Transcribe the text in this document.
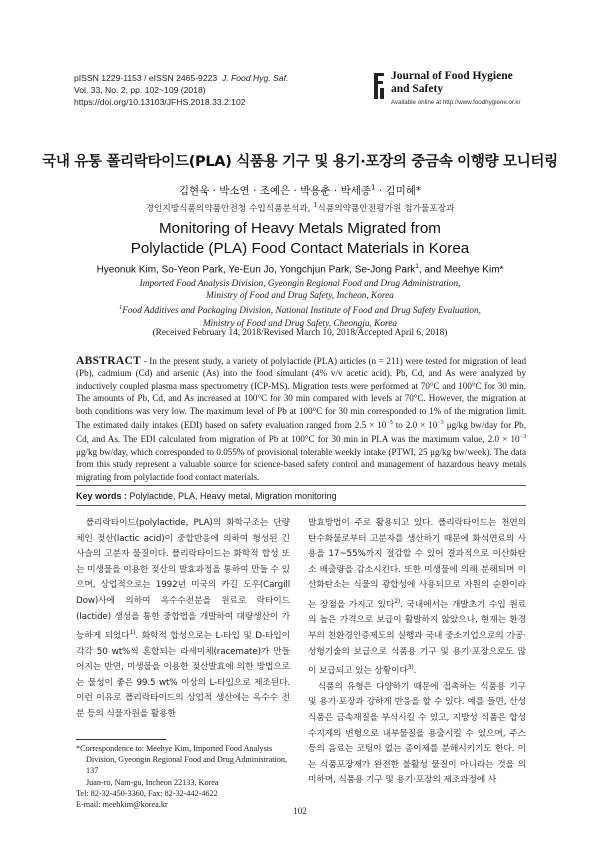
pISSN 1229-1153 / eISSN 2465-9223 J. Food Hyg. Saf.
Vol. 33, No. 2, pp. 102~109 (2018)
https://doi.org/10.13103/JFHS.2018.33.2.102
Journal of Food Hygiene
and Safety
Available online at http://www.foodhygiene.or.kr
국내 유통 폴리락타이드(PLA) 식품용 기구 및 용기·포장의 중금속 이행량 모니터링
김현욱 · 박소연 · 조예은 · 박용춘 · 박세종$^1$ · 김미혜*
경인지방식품의약품안전청 수입식품분석과, $^1$식품의약품안전평가원 첨가물포장과
Monitoring of Heavy Metals Migrated from
Polylactide (PLA) Food Contact Materials in Korea
Hyeonuk Kim, So-Yeon Park, Ye-Eun Jo, Yongchjun Park, Se-Jong Park$^1$, and Meehye Kim*
Imported Food Analysis Division, Gyeongin Regional Food and Drug Administration,
Ministry of Food and Drug Safety, Incheon, Korea
$^1$Food Additives and Packaging Division, National Institute of Food and Drug Safety Evaluation,
Ministry of Food and Drug Safety, Cheongju, Korea
(Received February 14, 2018/Revised March 10, 2018/Accepted April 6, 2018)
ABSTRACT - In the present study, a variety of polylactide (PLA) articles (n = 211) were tested for migration of lead (Pb), cadmium (Cd) and arsenic (As) into the food simulant (4% v/v acetic acid). Pb, Cd, and As were analyzed by inductively coupled plasma mass spectrometry (ICP-MS). Migration tests were performed at 70°C and 100°C for 30 min. The amounts of Pb, Cd, and As increased at 100°C for 30 min compared with levels at 70°C. However, the migration at both conditions was very low. The maximum level of Pb at 100°C for 30 min corresponded to 1% of the migration limit. The estimated daily intakes (EDI) based on safety evaluation ranged from $2.5 \times 10^{-5}$ to $2.0 \times 10^{-3}$ μg/kg bw/day for Pb, Cd, and As. The EDI calculated from migration of Pb at 100°C for 30 min in PLA was the maximum value, $2.0 \times 10^{-3}$ μg/kg bw/day, which corresponded to 0.055% of provisional tolerable weekly intake (PTWI, 25 μg/kg bw/week). The data from this study represent a valuable source for science-based safety control and management of hazardous heavy metals migrating from polylactide food contact materials.
Key words : Polylactide, PLA, Heavy metal, Migration monitoring

폴리락타이드(polylactide, PLA)의 화학구조는 단량체인 젖산(lactic acid)이 중합반응에 의하여 형성된 긴 사슬의 고분자 물질이다. 폴리락타이드는 화학적 합성 또는 미생물을 이용한 젖산의 발효과정을 통하여 만들 수 있으며, 상업적으로는 1992년 미국의 카길 도우(Cargill Dow)사에 의하여 옥수수전분을 원료로 락타이드(lactide) 생성을 통한 중합법을 개발하여 대량생산이 가능하게 되었다$^{1)}$. 화학적 합성으로는 L-타입 및 D-타입이 각각 50 wt%씩 혼합되는 라세미체(racemate)가 만들어지는 반면, 미생물을 이용한 젖산발효에 의한 방법으로는 물성이 좋은 99.5 wt% 이상의 L-타입으로 제조된다. 이런 이유로 폴리락타이드의 상업적 생산에는 옥수수 전분 등의 식물자원을 활용한

발효방법이 주로 활용되고 있다. 폴리락타이드는 천연의 탄수화물로부터 고분자를 생산하기 때문에 화석연료의 사용을 17~55%까지 절감할 수 있어 결과적으로 이산화탄소 배출량을 감소시킨다. 또한 미생물에 의해 분해되며 이산화탄소는 식물의 광합성에 사용되므로 자원의 순환이라는 장점을 가지고 있다$^{2)}$. 국내에서는 개발초기 수입 원료의 높은 가격으로 보급이 활발하지 않았으나, 현재는 환경부의 친환경인증제도의 실행과 국내 중소기업으로의 가공·성형기술의 보급으로 식품용 기구 및 용기·포장으로도 많이 보급되고 있는 상황이다$^{3)}$.

식품의 유형은 다양하기 때문에 접촉하는 식품용 기구 및 용기·포장과 강하게 반응을 할 수 있다. 예를 들면, 산성식품은 금속재질을 부식시킬 수 있고, 지방성 식품은 합성수지제의 변형으로 내부물질을 용출시킬 수 있으며, 주스 등의 음료는 코팅이 없는 종이제를 분해시키기도 한다. 이는 식품포장재가 완전한 불활성 물질이 아니라는 것을 의미하며, 식품용 기구 및 용기·포장의 제조과정에 사

*Correspondence to: Meehye Kim, Imported Food Analysis
Division, Gyeongin Regional Food and Drug Administration, 137
Juan-ro, Nam-gu, Incheon 22133, Korea
Tel: 82-32-450-3360, Fax: 82-32-442-4622
E-mail: meehkim@korea.kr
102
